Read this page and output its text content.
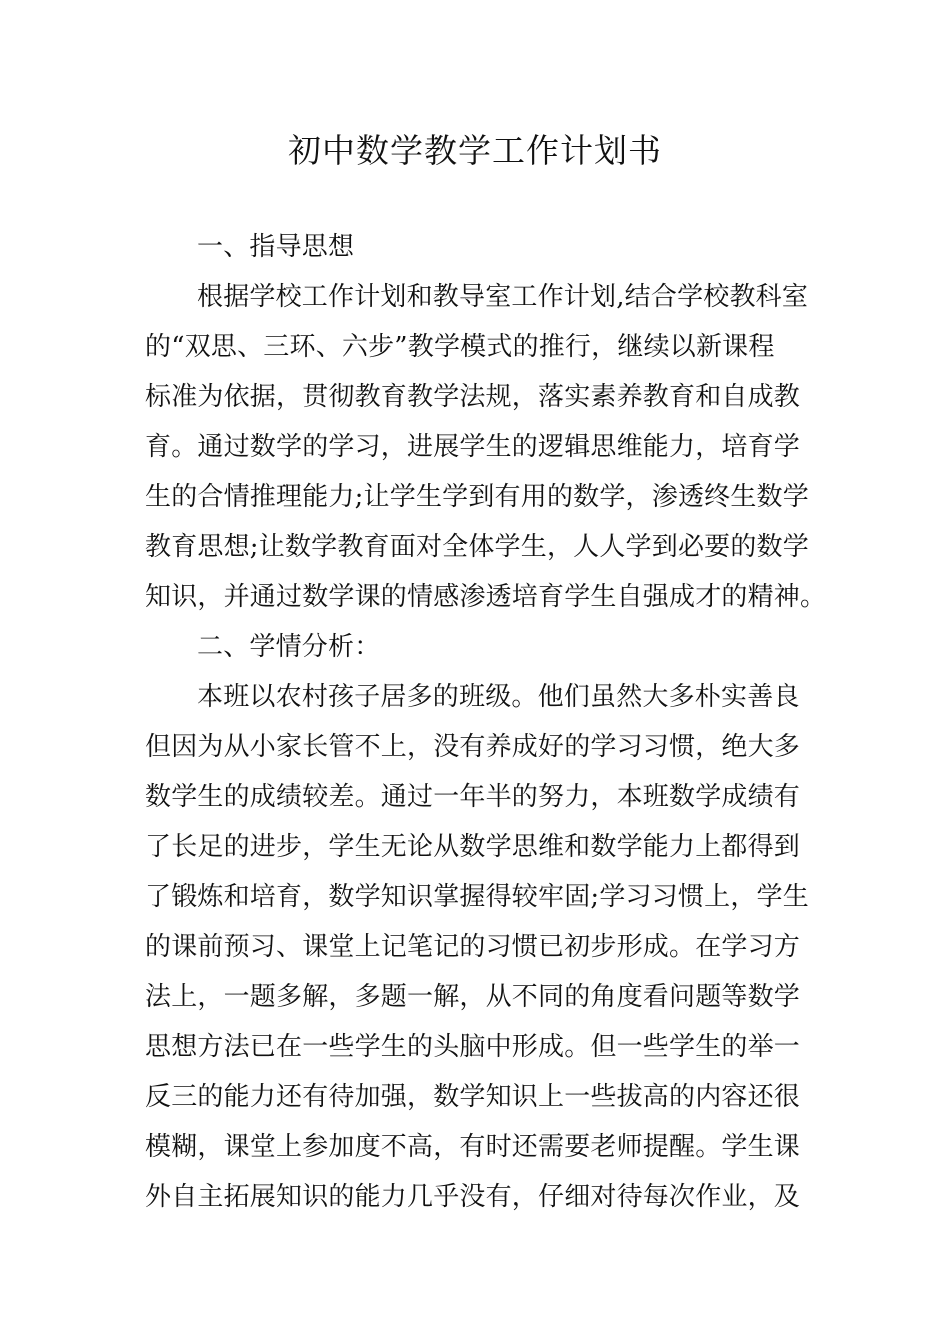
初中数学教学工作计划书
一、指导思想
根据学校工作计划和教导室工作计划,结合学校教科室
的“双思、三环、六步”教学模式的推行，继续以新课程
标准为依据，贯彻教育教学法规，落实素养教育和自成教
育。通过数学的学习，进展学生的逻辑思维能力，培育学
生的合情推理能力;让学生学到有用的数学，渗透终生数学
教育思想;让数学教育面对全体学生，人人学到必要的数学
知识，并通过数学课的情感渗透培育学生自强成才的精神。
二、学情分析：
本班以农村孩子居多的班级。他们虽然大多朴实善良
但因为从小家长管不上，没有养成好的学习习惯，绝大多
数学生的成绩较差。通过一年半的努力，本班数学成绩有
了长足的进步，学生无论从数学思维和数学能力上都得到
了锻炼和培育，数学知识掌握得较牢固;学习习惯上，学生
的课前预习、课堂上记笔记的习惯已初步形成。在学习方
法上，一题多解，多题一解，从不同的角度看问题等数学
思想方法已在一些学生的头脑中形成。但一些学生的举一
反三的能力还有待加强，数学知识上一些拔高的内容还很
模糊，课堂上参加度不高，有时还需要老师提醒。学生课
外自主拓展知识的能力几乎没有，仔细对待每次作业，及
